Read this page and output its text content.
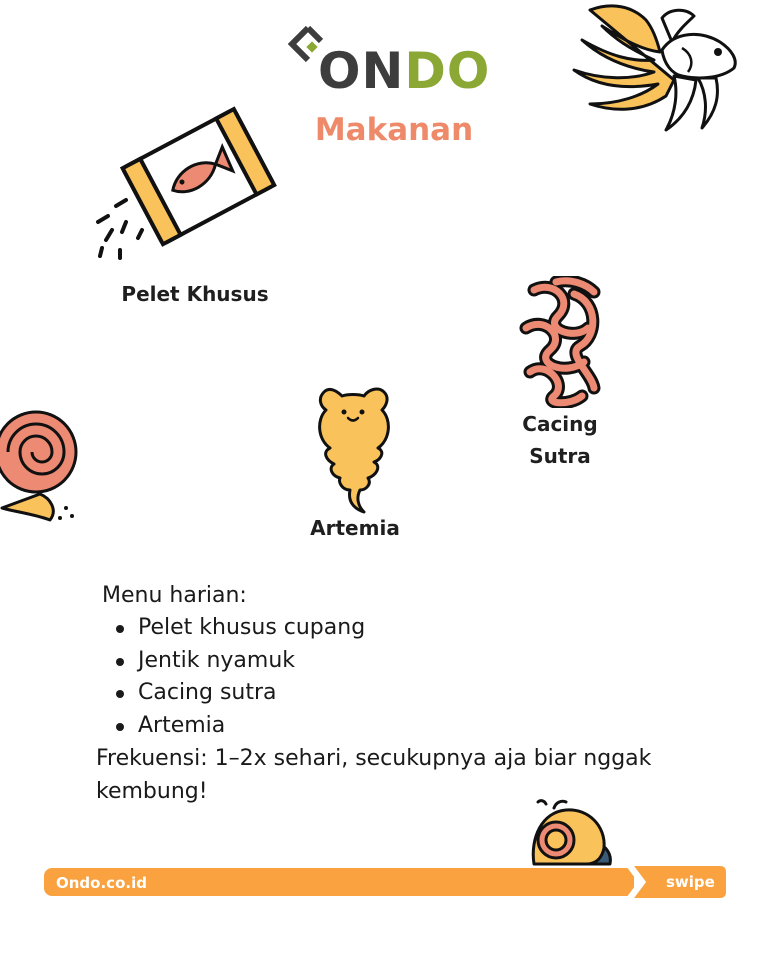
ONDO
Makanan
Pelet Khusus
Cacing
Sutra
Artemia
Menu harian:
Pelet khusus cupang
Jentik nyamuk
Cacing sutra
Artemia
Frekuensi: 1–2x sehari, secukupnya aja biar nggak kembung!
Ondo.co.id	swipe
